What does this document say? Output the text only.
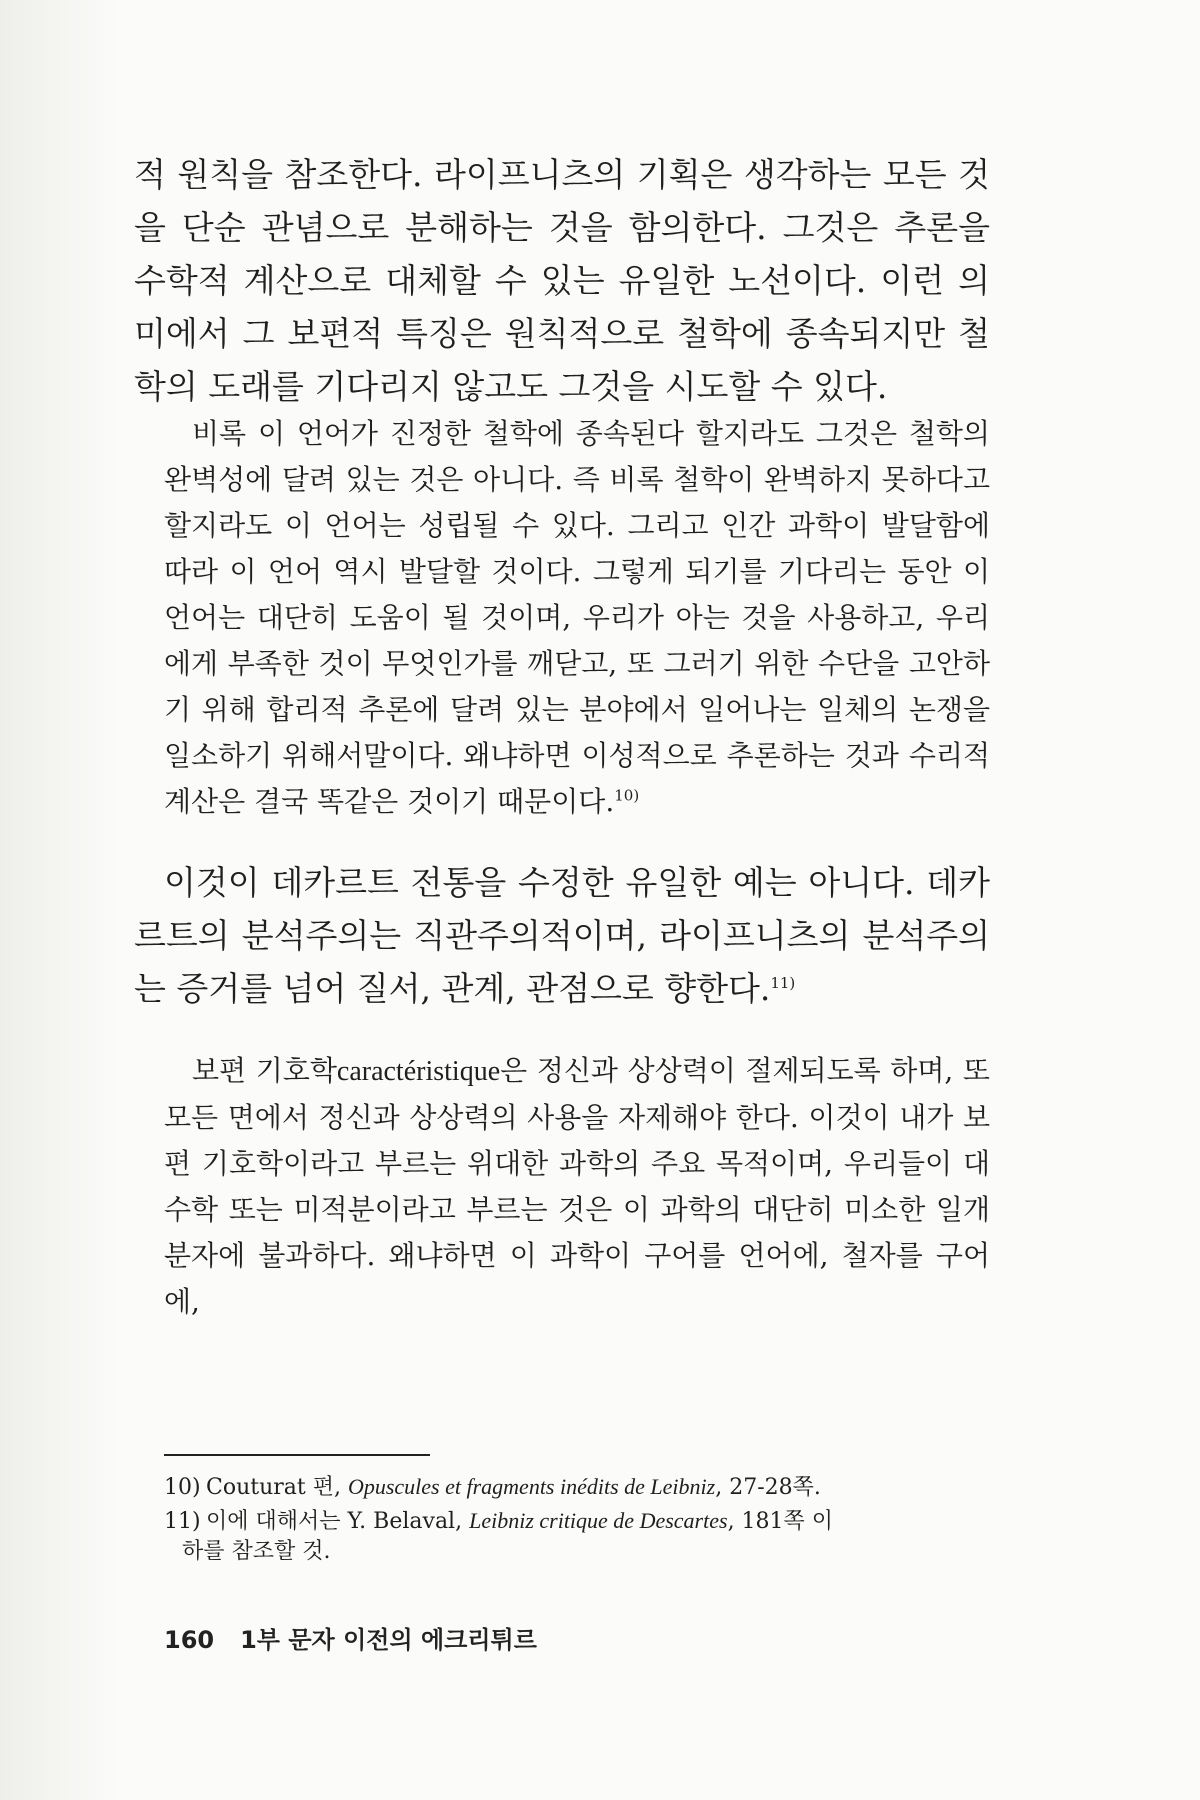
적 원칙을 참조한다. 라이프니츠의 기획은 생각하는 모든 것을 단순 관념으로 분해하는 것을 함의한다. 그것은 추론을 수학적 계산으로 대체할 수 있는 유일한 노선이다. 이런 의미에서 그 보편적 특징은 원칙적으로 철학에 종속되지만 철학의 도래를 기다리지 않고도 그것을 시도할 수 있다.

비록 이 언어가 진정한 철학에 종속된다 할지라도 그것은 철학의 완벽성에 달려 있는 것은 아니다. 즉 비록 철학이 완벽하지 못하다고 할지라도 이 언어는 성립될 수 있다. 그리고 인간 과학이 발달함에 따라 이 언어 역시 발달할 것이다. 그렇게 되기를 기다리는 동안 이 언어는 대단히 도움이 될 것이며, 우리가 아는 것을 사용하고, 우리에게 부족한 것이 무엇인가를 깨닫고, 또 그러기 위한 수단을 고안하기 위해 합리적 추론에 달려 있는 분야에서 일어나는 일체의 논쟁을 일소하기 위해서말이다. 왜냐하면 이성적으로 추론하는 것과 수리적 계산은 결국 똑같은 것이기 때문이다.$^{10)}$

이것이 데카르트 전통을 수정한 유일한 예는 아니다. 데카르트의 분석주의는 직관주의적이며, 라이프니츠의 분석주의는 증거를 넘어 질서, 관계, 관점으로 향한다.$^{11)}$

보편 기호학caractéristique은 정신과 상상력이 절제되도록 하며, 또 모든 면에서 정신과 상상력의 사용을 자제해야 한다. 이것이 내가 보편 기호학이라고 부르는 위대한 과학의 주요 목적이며, 우리들이 대수학 또는 미적분이라고 부르는 것은 이 과학의 대단히 미소한 일개 분자에 불과하다. 왜냐하면 이 과학이 구어를 언어에, 철자를 구어에,

10) Couturat 편, Opuscules et fragments inédits de Leibniz, 27-28쪽.

11) 이에 대해서는 Y. Belaval, Leibniz critique de Descartes, 181쪽 이
하를 참조할 것.

160 1부 문자 이전의 에크리튀르
